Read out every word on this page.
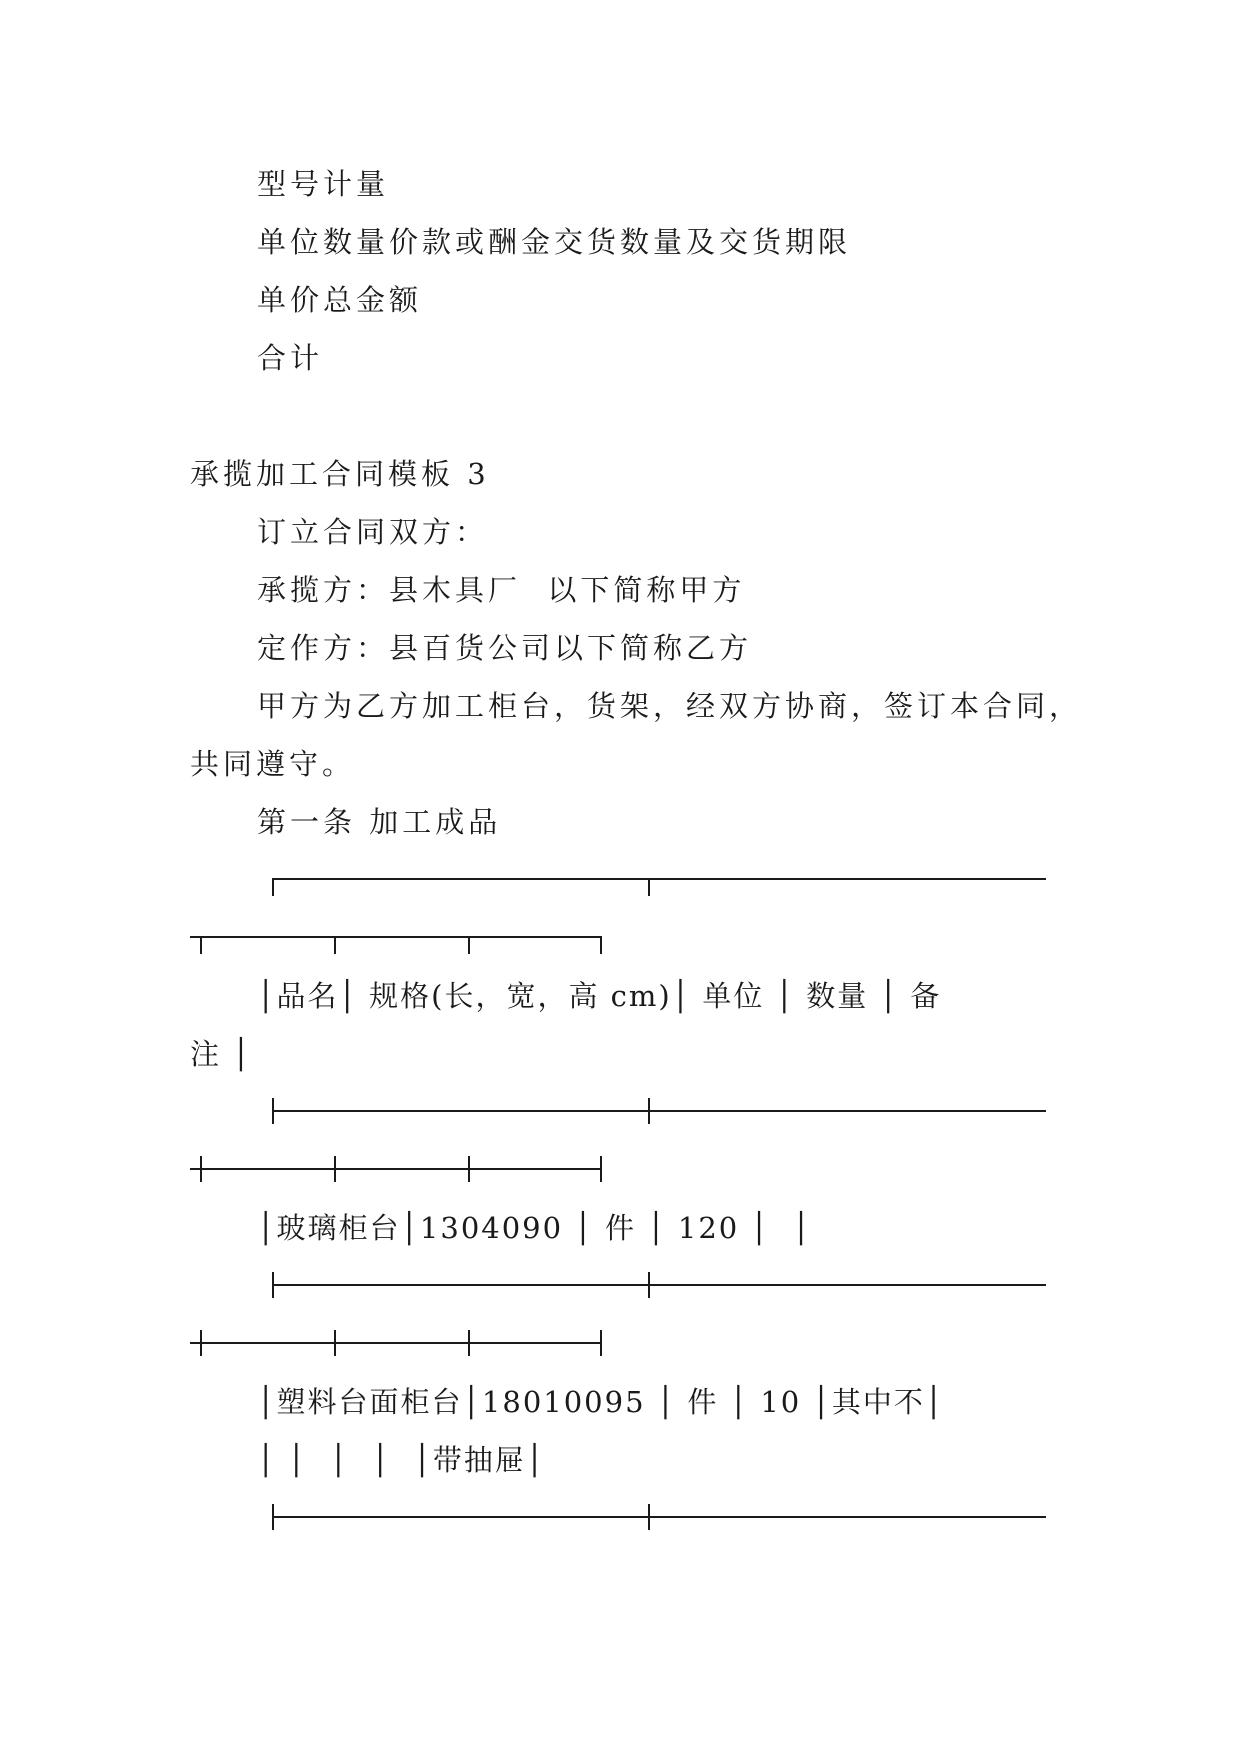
型号计量
单位数量价款或酬金交货数量及交货期限
单价总金额
合计
承揽加工合同模板 3
订立合同双方：
承揽方：县木具厂  以下简称甲方
定作方：县百货公司以下简称乙方
甲方为乙方加工柜台，货架，经双方协商，签订本合同，
共同遵守。
第一条 加工成品
│品名│ 规格(长，宽，高 cm)│ 单位 │ 数量 │ 备
注 │
│玻璃柜台│1304090 │ 件 │ 120 │  │
│塑料台面柜台│18010095 │ 件 │ 10 │其中不│
│ │  │  │  │带抽屉│
